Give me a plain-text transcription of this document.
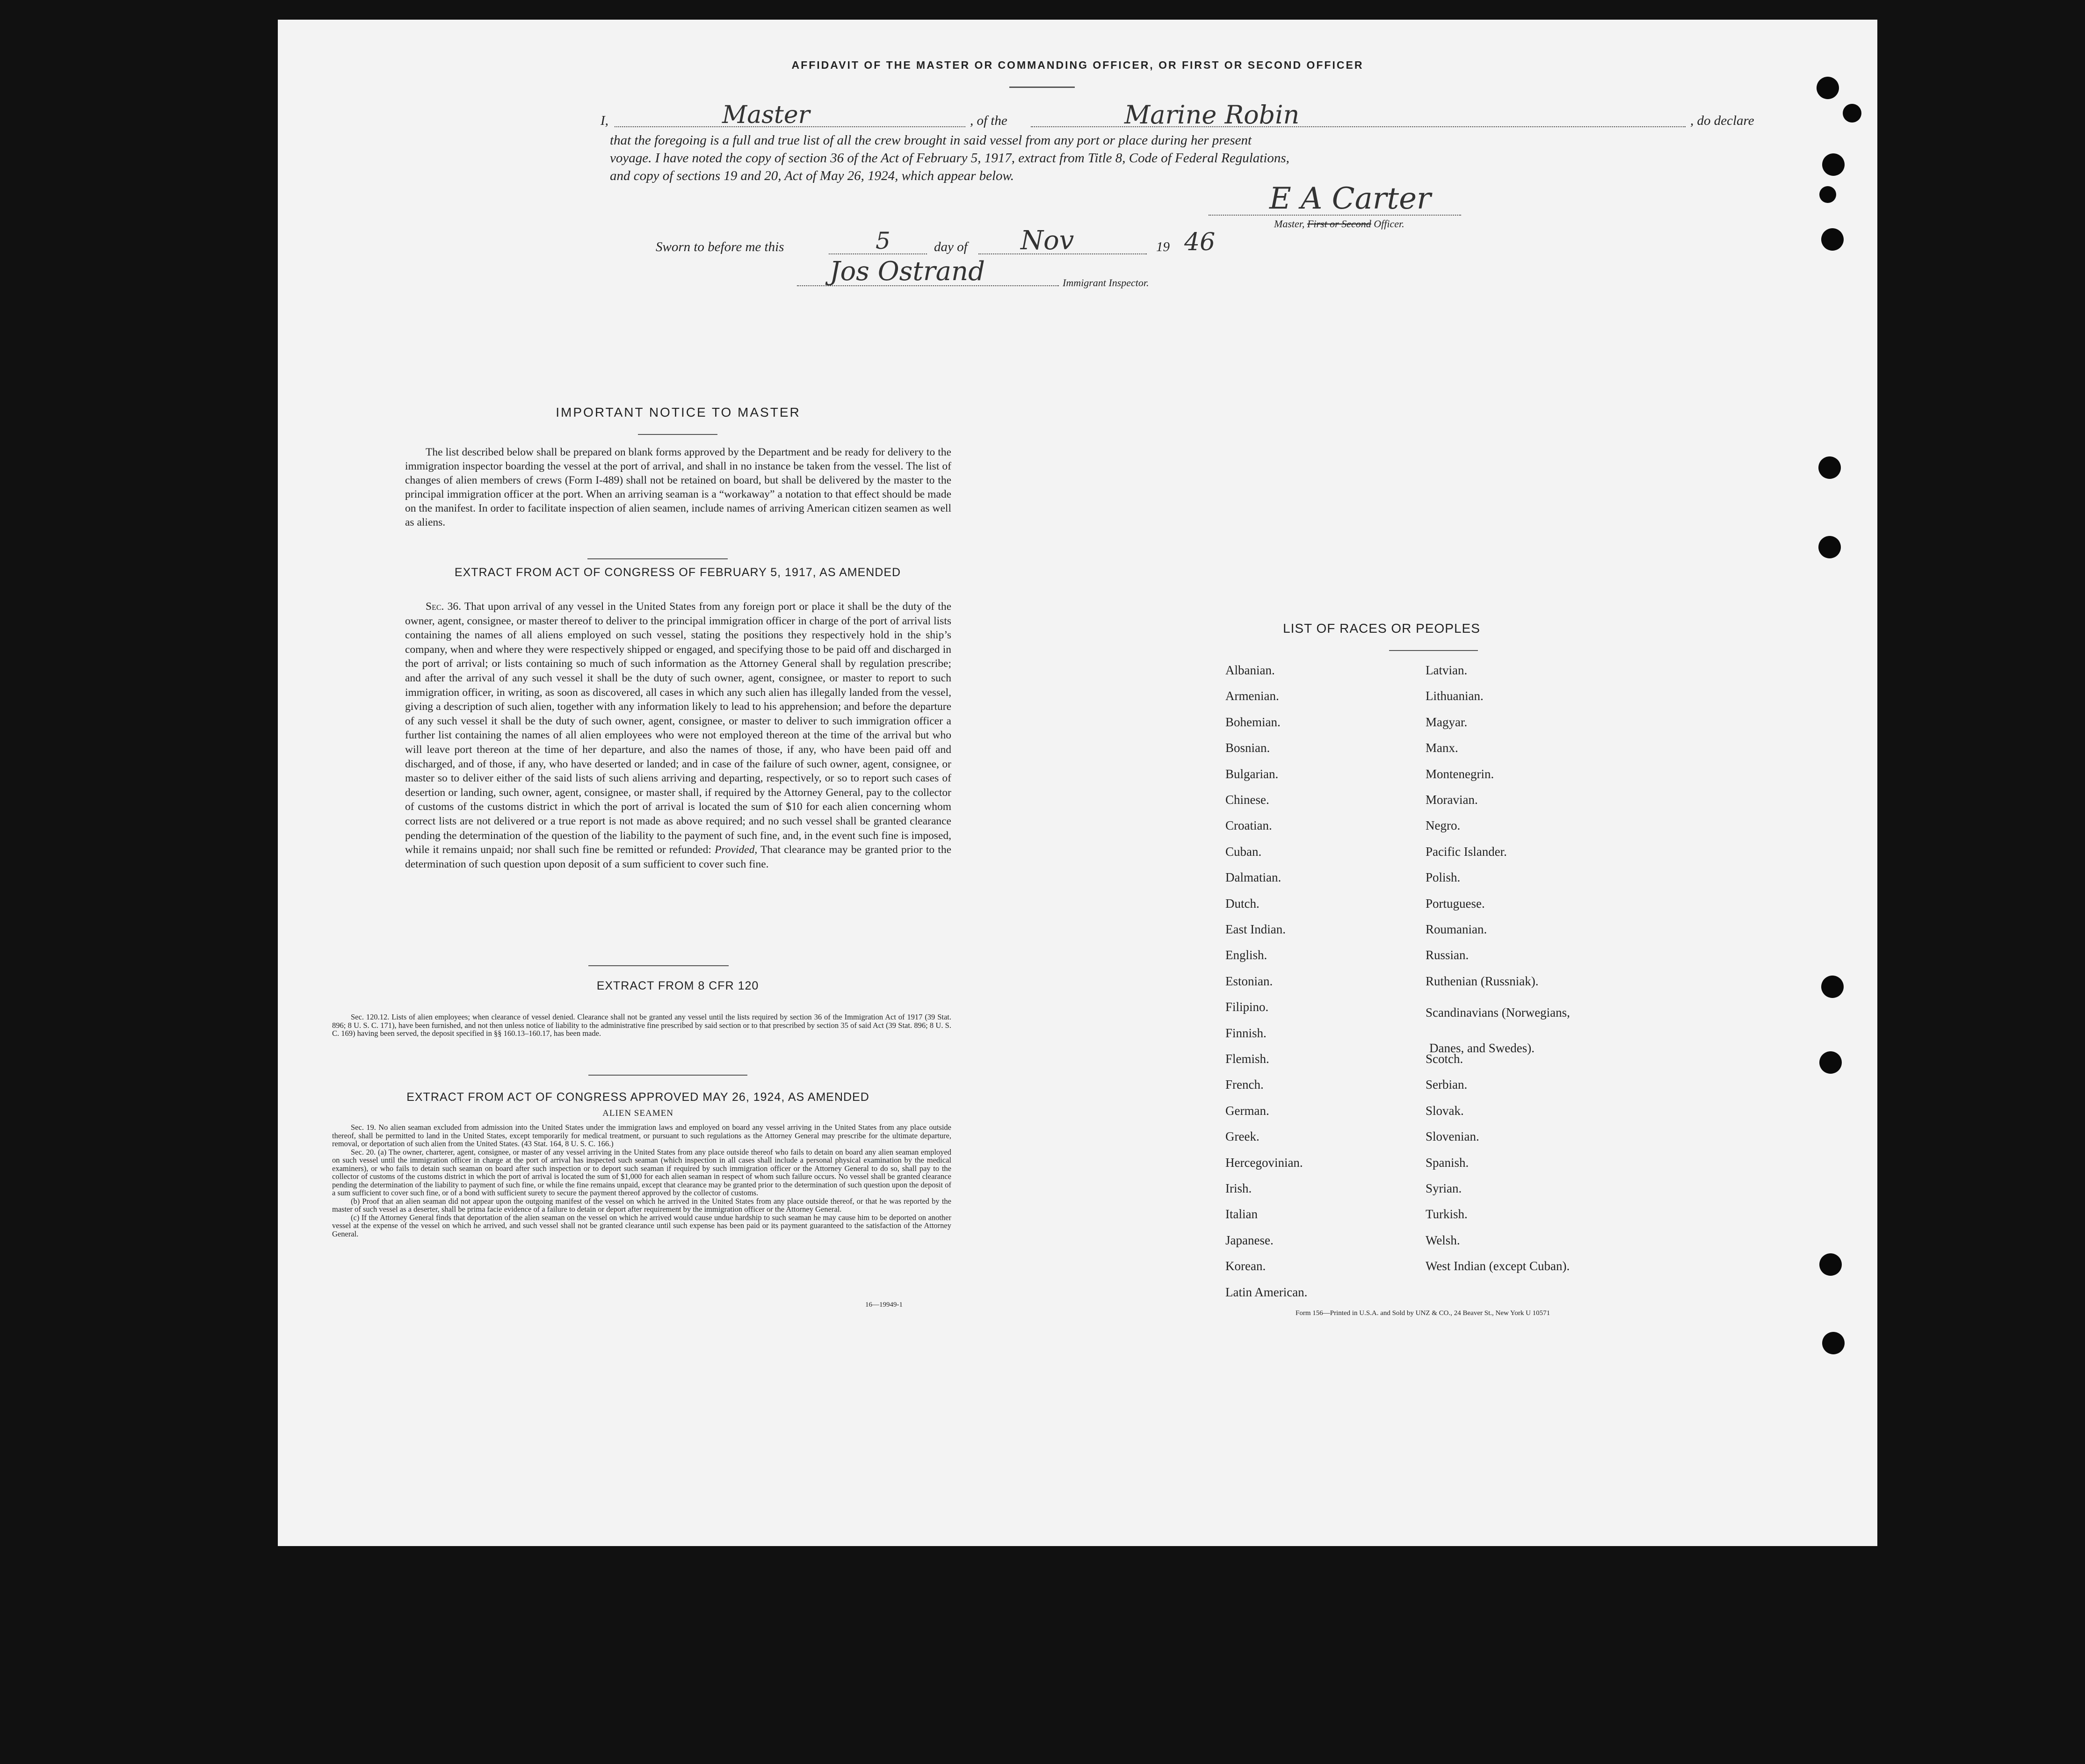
AFFIDAVIT OF THE MASTER OR COMMANDING OFFICER, OR FIRST OR SECOND OFFICER
I,	Master	, of the	Marine Robin	, do declare
that the foregoing is a full and true list of all the crew brought in said vessel from any port or place during her present
voyage. I have noted the copy of section 36 of the Act of February 5, 1917, extract from Title 8, Code of Federal Regulations,
and copy of sections 19 and 20, Act of May 26, 1924, which appear below.
E A Carter
Master, First or Second Officer.
Sworn to before me this	5	day of Nov	19 46
Jos Ostrand	Immigrant Inspector.
IMPORTANT NOTICE TO MASTER
The list described below shall be prepared on blank forms approved by the Department and be ready for delivery to the immigration inspector boarding the vessel at the port of arrival, and shall in no instance be taken from the vessel. The list of changes of alien members of crews (Form I-489) shall not be retained on board, but shall be delivered by the master to the principal immigration officer at the port. When an arriving seaman is a “workaway” a notation to that effect should be made on the manifest. In order to facilitate inspection of alien seamen, include names of arriving American citizen seamen as well as aliens.
EXTRACT FROM ACT OF CONGRESS OF FEBRUARY 5, 1917, AS AMENDED
Sec. 36. That upon arrival of any vessel in the United States from any foreign port or place it shall be the duty of the owner, agent, consignee, or master thereof to deliver to the principal immigration officer in charge of the port of arrival lists containing the names of all aliens employed on such vessel, stating the positions they respectively hold in the ship’s company, when and where they were respectively shipped or engaged, and specifying those to be paid off and discharged in the port of arrival; or lists containing so much of such information as the Attorney General shall by regulation prescribe; and after the arrival of any such vessel it shall be the duty of such owner, agent, consignee, or master to report to such immigration officer, in writing, as soon as discovered, all cases in which any such alien has illegally landed from the vessel, giving a description of such alien, together with any information likely to lead to his apprehension; and before the departure of any such vessel it shall be the duty of such owner, agent, consignee, or master to deliver to such immigration officer a further list containing the names of all alien employees who were not employed thereon at the time of the arrival but who will leave port thereon at the time of her departure, and also the names of those, if any, who have been paid off and discharged, and of those, if any, who have deserted or landed; and in case of the failure of such owner, agent, consignee, or master so to deliver either of the said lists of such aliens arriving and departing, respectively, or so to report such cases of desertion or landing, such owner, agent, consignee, or master shall, if required by the Attorney General, pay to the collector of customs of the customs district in which the port of arrival is located the sum of $10 for each alien concerning whom correct lists are not delivered or a true report is not made as above required; and no such vessel shall be granted clearance pending the determination of the question of the liability to the payment of such fine, and, in the event such fine is imposed, while it remains unpaid; nor shall such fine be remitted or refunded: Provided, That clearance may be granted prior to the determination of such question upon deposit of a sum sufficient to cover such fine.
EXTRACT FROM 8 CFR 120
Sec. 120.12. Lists of alien employees; when clearance of vessel denied. Clearance shall not be granted any vessel until the lists required by section 36 of the Immigration Act of 1917 (39 Stat. 896; 8 U. S. C. 171), have been furnished, and not then unless notice of liability to the administrative fine prescribed by said section or to that prescribed by section 35 of said Act (39 Stat. 896; 8 U. S. C. 169) having been served, the deposit specified in §§ 160.13–160.17, has been made.
EXTRACT FROM ACT OF CONGRESS APPROVED MAY 26, 1924, AS AMENDED
ALIEN SEAMEN
Sec. 19. No alien seaman excluded from admission into the United States under the immigration laws and employed on board any vessel arriving in the United States from any place outside thereof, shall be permitted to land in the United States, except temporarily for medical treatment, or pursuant to such regulations as the Attorney General may prescribe for the ultimate departure, removal, or deportation of such alien from the United States. (43 Stat. 164, 8 U. S. C. 166.)
Sec. 20. (a) The owner, charterer, agent, consignee, or master of any vessel arriving in the United States from any place outside thereof who fails to detain on board any alien seaman employed on such vessel until the immigration officer in charge at the port of arrival has inspected such seaman (which inspection in all cases shall include a personal physical examination by the medical examiners), or who fails to detain such seaman on board after such inspection or to deport such seaman if required by such immigration officer or the Attorney General to do so, shall pay to the collector of customs of the customs district in which the port of arrival is located the sum of $1,000 for each alien seaman in respect of whom such failure occurs. No vessel shall be granted clearance pending the determination of the liability to payment of such fine, or while the fine remains unpaid, except that clearance may be granted prior to the determination of such question upon the deposit of a sum sufficient to cover such fine, or of a bond with sufficient surety to secure the payment thereof approved by the collector of customs.
(b) Proof that an alien seaman did not appear upon the outgoing manifest of the vessel on which he arrived in the United States from any place outside thereof, or that he was reported by the master of such vessel as a deserter, shall be prima facie evidence of a failure to detain or deport after requirement by the immigration officer or the Attorney General.
(c) If the Attorney General finds that deportation of the alien seaman on the vessel on which he arrived would cause undue hardship to such seaman he may cause him to be deported on another vessel at the expense of the vessel on which he arrived, and such vessel shall not be granted clearance until such expense has been paid or its payment guaranteed to the satisfaction of the Attorney General.
16—19949-1
LIST OF RACES OR PEOPLES
Albanian.
Armenian.
Bohemian.
Bosnian.
Bulgarian.
Chinese.
Croatian.
Cuban.
Dalmatian.
Dutch.
East Indian.
English.
Estonian.
Filipino.
Finnish.
Flemish.
French.
German.
Greek.
Hercegovinian.
Irish.
Italian
Japanese.
Korean.
Latin American.
Latvian.
Lithuanian.
Magyar.
Manx.
Montenegrin.
Moravian.
Negro.
Pacific Islander.
Polish.
Portuguese.
Roumanian.
Russian.
Ruthenian (Russniak).
Scandinavians (Norwegians,
Danes, and Swedes).
Scotch.
Serbian.
Slovak.
Slovenian.
Spanish.
Syrian.
Turkish.
Welsh.
West Indian (except Cuban).
Form 156—Printed in U.S.A. and Sold by UNZ & CO., 24 Beaver St., New York U 10571
